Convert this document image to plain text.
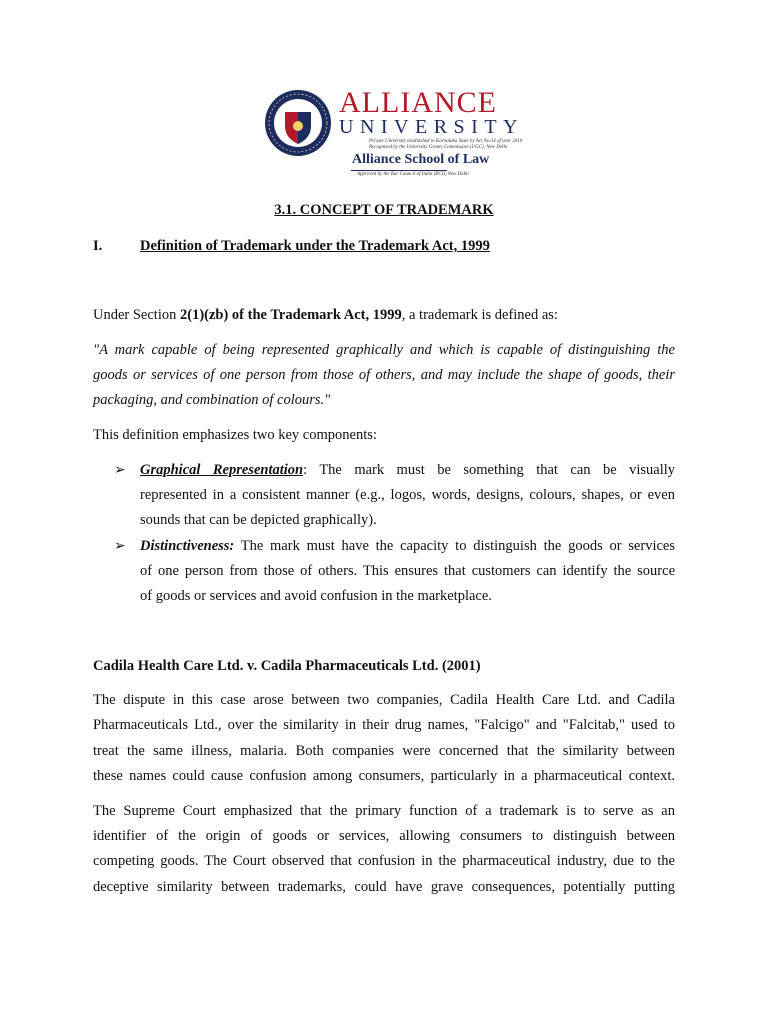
ALLIANCE
UNIVERSITY
Private University established in Karnataka State by Act No.34 of year 2010
Recognized by the University Grants Commission (UGC), New Delhi
Alliance School of Law
Approved by the Bar Council of India (BCI), New Delhi
3.1. CONCEPT OF TRADEMARK
I.	Definition of Trademark under the Trademark Act, 1999
Under Section 2(1)(zb) of the Trademark Act, 1999, a trademark is defined as:
"A mark capable of being represented graphically and which is capable of distinguishing the
goods or services of one person from those of others, and may include the shape of goods, their
packaging, and combination of colours."
This definition emphasizes two key components:
➢ Graphical Representation: The mark must be something that can be visually
represented in a consistent manner (e.g., logos, words, designs, colours, shapes, or even
sounds that can be depicted graphically).
➢ Distinctiveness: The mark must have the capacity to distinguish the goods or services
of one person from those of others. This ensures that customers can identify the source
of goods or services and avoid confusion in the marketplace.
Cadila Health Care Ltd. v. Cadila Pharmaceuticals Ltd. (2001)
The dispute in this case arose between two companies, Cadila Health Care Ltd. and Cadila
Pharmaceuticals Ltd., over the similarity in their drug names, "Falcigo" and "Falcitab," used to
treat the same illness, malaria. Both companies were concerned that the similarity between
these names could cause confusion among consumers, particularly in a pharmaceutical context.
The Supreme Court emphasized that the primary function of a trademark is to serve as an
identifier of the origin of goods or services, allowing consumers to distinguish between
competing goods. The Court observed that confusion in the pharmaceutical industry, due to the
deceptive similarity between trademarks, could have grave consequences, potentially putting
